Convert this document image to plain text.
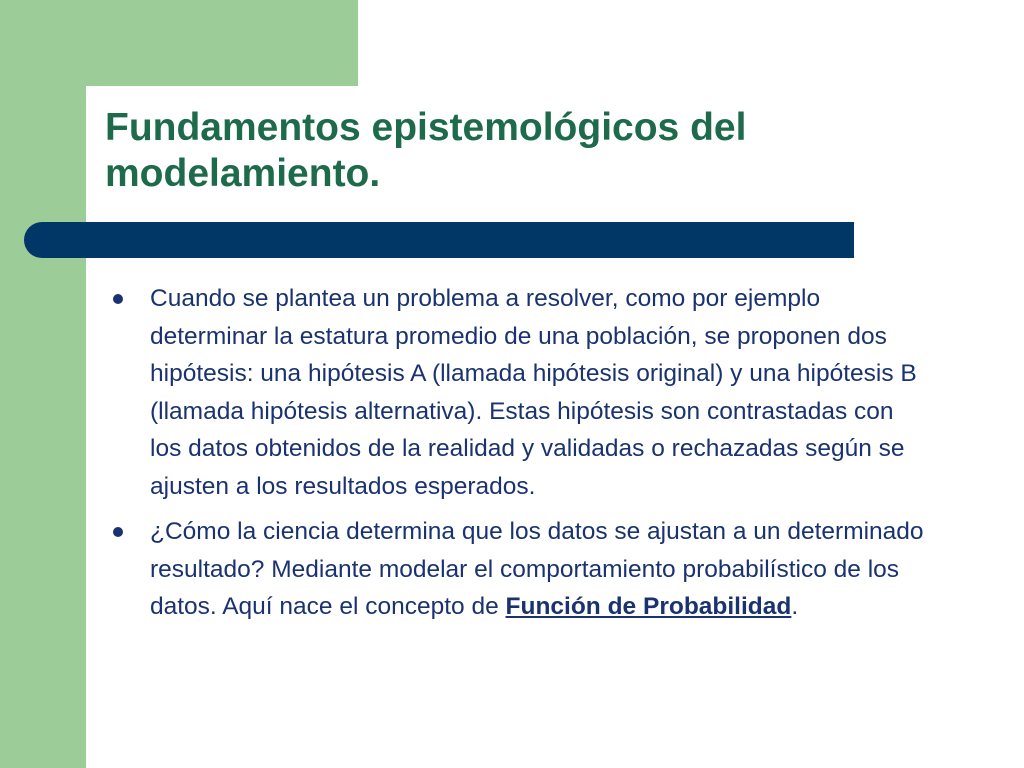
Fundamentos epistemológicos del modelamiento.
Cuando se plantea un problema a resolver, como por ejemplo determinar la estatura promedio de una población, se proponen dos hipótesis: una hipótesis A (llamada hipótesis original) y una hipótesis B (llamada hipótesis alternativa). Estas hipótesis son contrastadas con los datos obtenidos de la realidad y validadas o rechazadas según se ajusten a los resultados esperados.
¿Cómo la ciencia determina que los datos se ajustan a un determinado resultado? Mediante modelar el comportamiento probabilístico de los datos. Aquí nace el concepto de Función de Probabilidad.
